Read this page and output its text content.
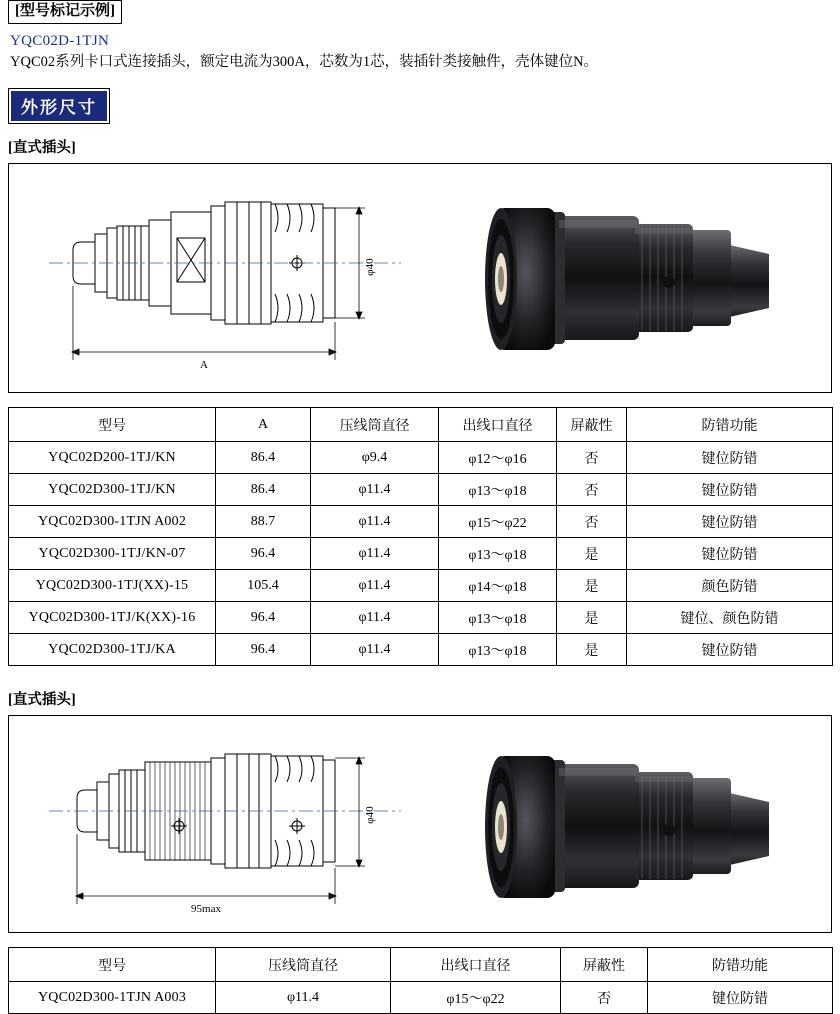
[型号标记示例]
YQC02D-1TJN
YQC02系列卡口式连接插头，额定电流为300A，芯数为1芯，装插针类接触件，壳体键位N。
外形尺寸
[直式插头]
φ40
A
型号	A	压线筒直径	出线口直径	屏蔽性	防错功能
YQC02D200-1TJ/KN	86.4	φ9.4	φ12～φ16	否	键位防错
YQC02D300-1TJ/KN	86.4	φ11.4	φ13～φ18	否	键位防错
YQC02D300-1TJN A002	88.7	φ11.4	φ15～φ22	否	键位防错
YQC02D300-1TJ/KN-07	96.4	φ11.4	φ13～φ18	是	键位防错
YQC02D300-1TJ(XX)-15	105.4	φ11.4	φ14～φ18	是	颜色防错
YQC02D300-1TJ/K(XX)-16	96.4	φ11.4	φ13～φ18	是	键位、颜色防错
YQC02D300-1TJ/KA	96.4	φ11.4	φ13～φ18	是	键位防错
[直式插头]
φ40
95max
型号	压线筒直径	出线口直径	屏蔽性	防错功能
YQC02D300-1TJN A003	φ11.4	φ15～φ22	否	键位防错
